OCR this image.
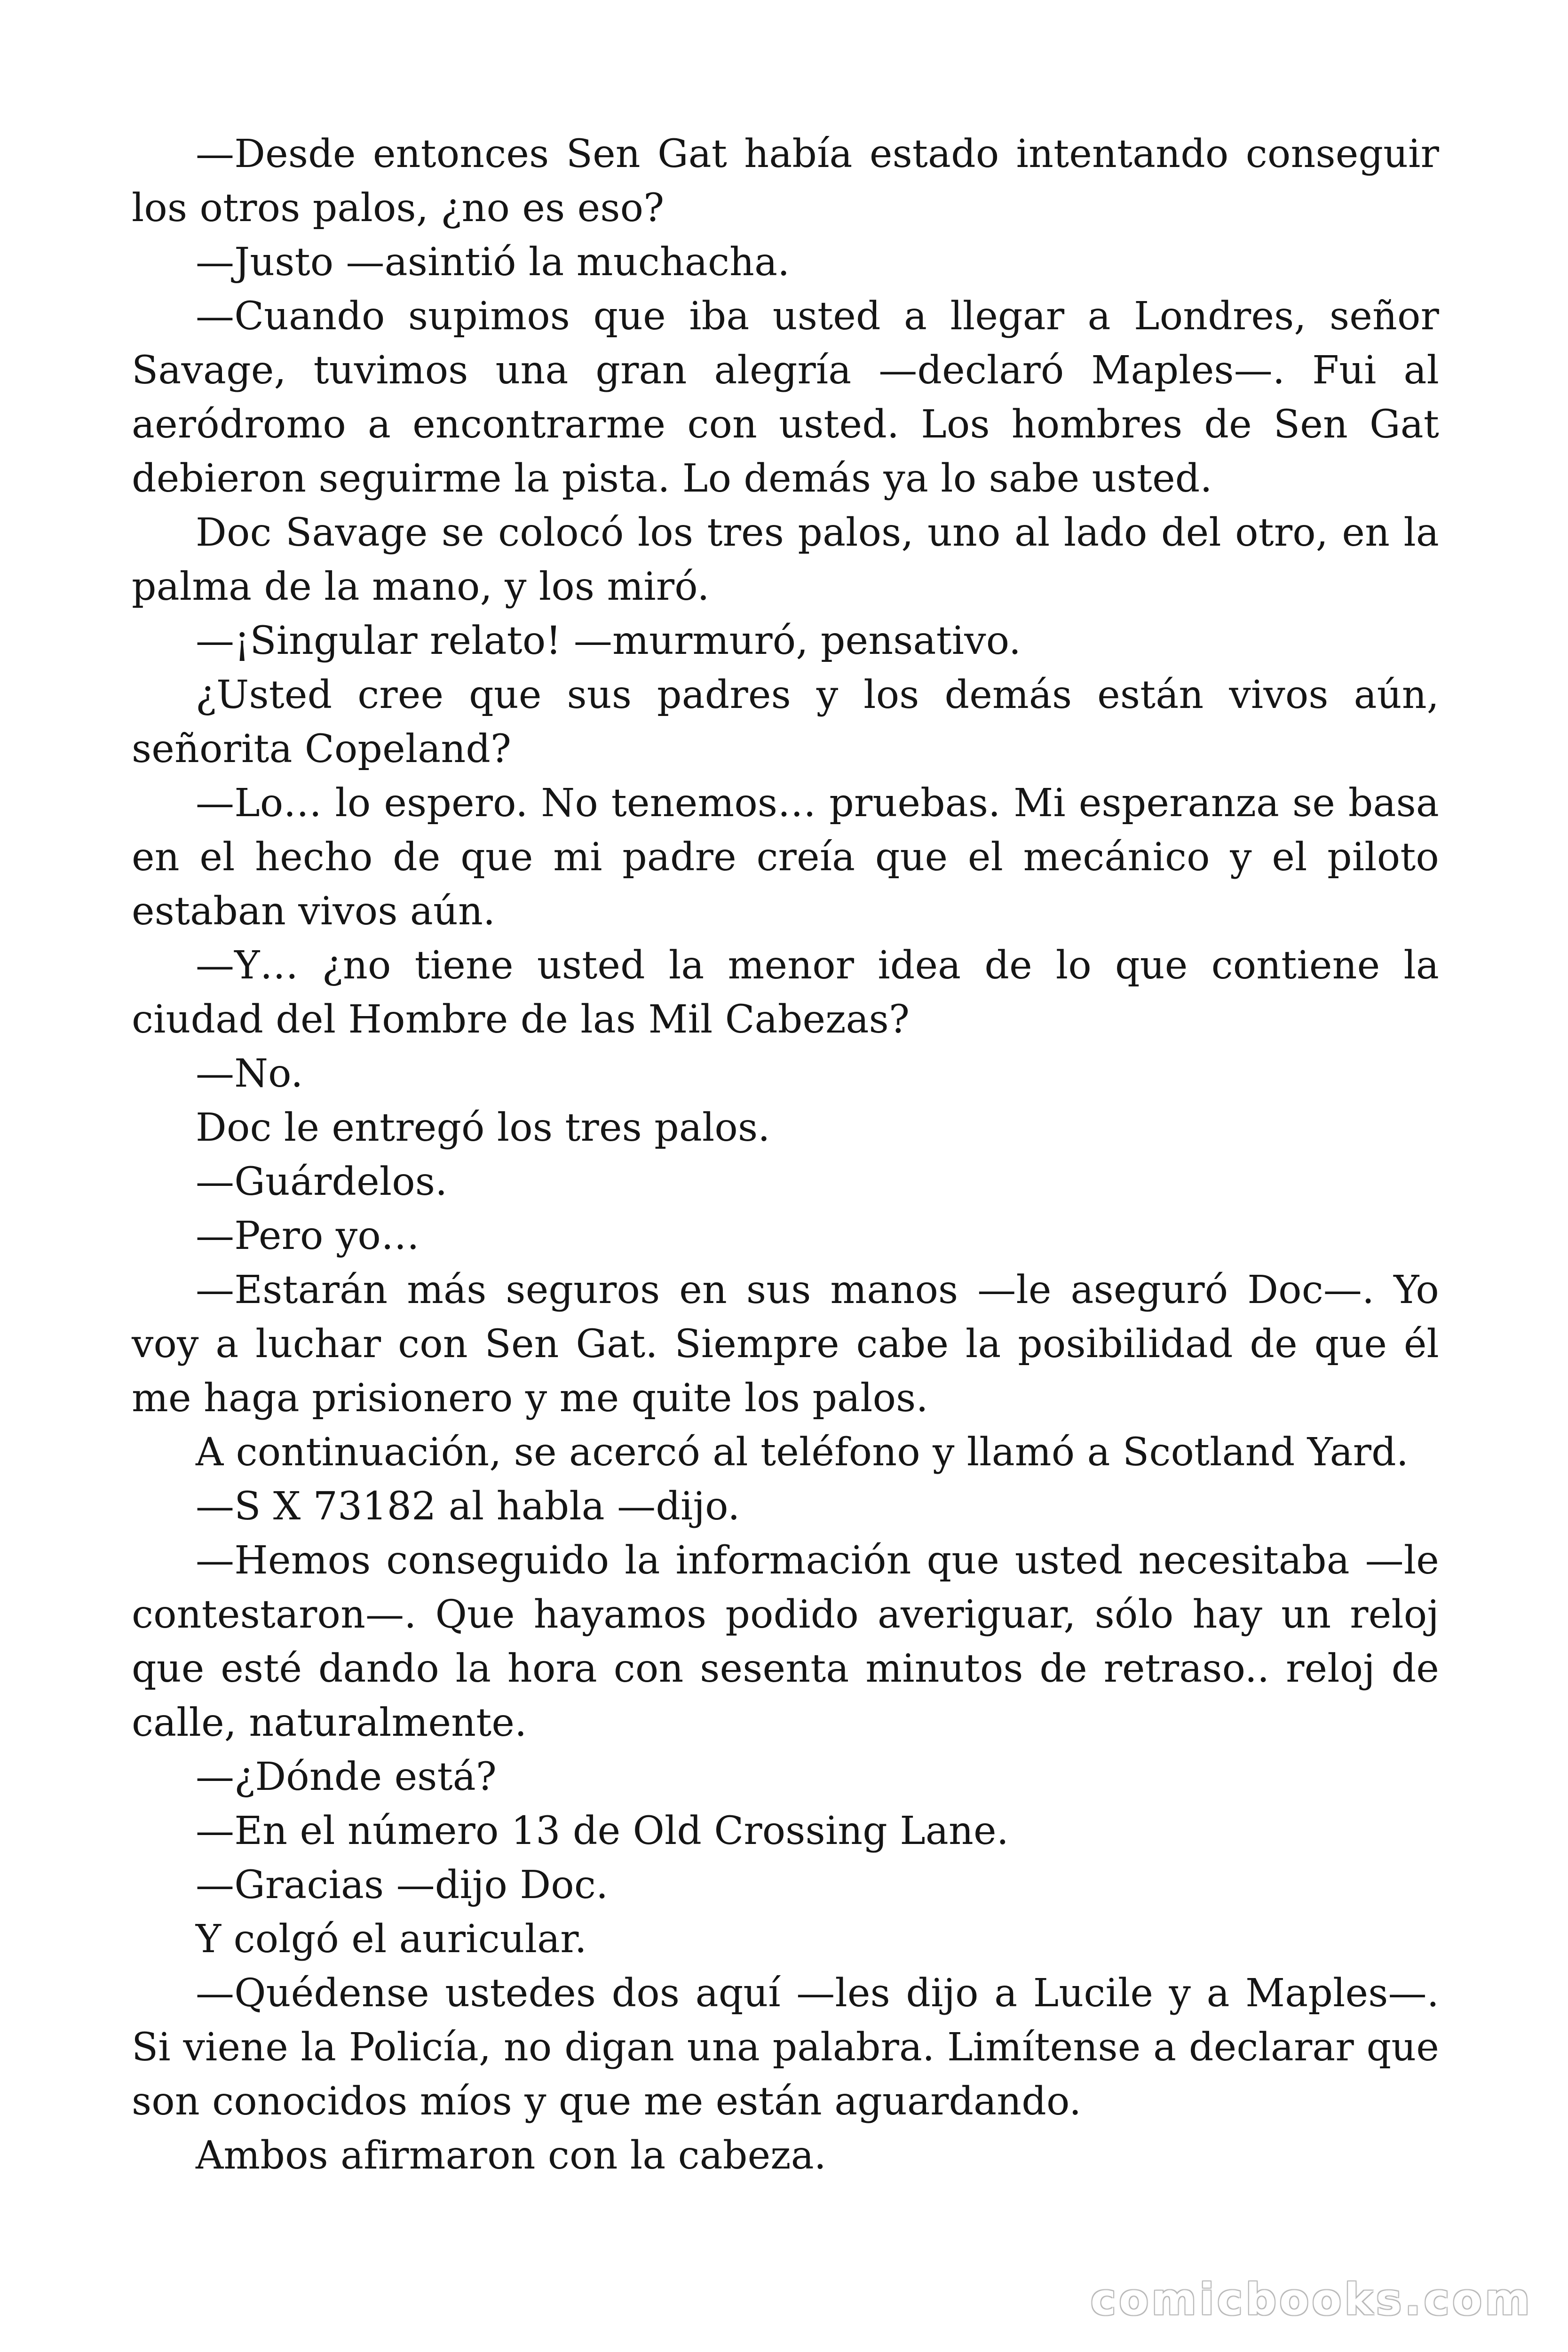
—Desde entonces Sen Gat había estado intentando conseguir los otros palos, ¿no es eso?

—Justo —asintió la muchacha.

—Cuando supimos que iba usted a llegar a Londres, señor Savage, tuvimos una gran alegría —declaró Maples—. Fui al aeródromo a encontrarme con usted. Los hombres de Sen Gat debieron seguirme la pista. Lo demás ya lo sabe usted.

Doc Savage se colocó los tres palos, uno al lado del otro, en la palma de la mano, y los miró.

—¡Singular relato! —murmuró, pensativo.

¿Usted cree que sus padres y los demás están vivos aún, señorita Copeland?

—Lo… lo espero. No tenemos… pruebas. Mi esperanza se basa en el hecho de que mi padre creía que el mecánico y el piloto estaban vivos aún.

—Y… ¿no tiene usted la menor idea de lo que contiene la ciudad del Hombre de las Mil Cabezas?

—No.

Doc le entregó los tres palos.

—Guárdelos.

—Pero yo…

—Estarán más seguros en sus manos —le aseguró Doc—. Yo voy a luchar con Sen Gat. Siempre cabe la posibilidad de que él me haga prisionero y me quite los palos.

A continuación, se acercó al teléfono y llamó a Scotland Yard.

—S X 73182 al habla —dijo.

—Hemos conseguido la información que usted necesitaba —le contestaron—. Que hayamos podido averiguar, sólo hay un reloj que esté dando la hora con sesenta minutos de retraso.. reloj de calle, naturalmente.

—¿Dónde está?

—En el número 13 de Old Crossing Lane.

—Gracias —dijo Doc.

Y colgó el auricular.

—Quédense ustedes dos aquí —les dijo a Lucile y a Maples—. Si viene la Policía, no digan una palabra. Limítense a declarar que son conocidos míos y que me están aguardando.

Ambos afirmaron con la cabeza.

comicbooks.com
